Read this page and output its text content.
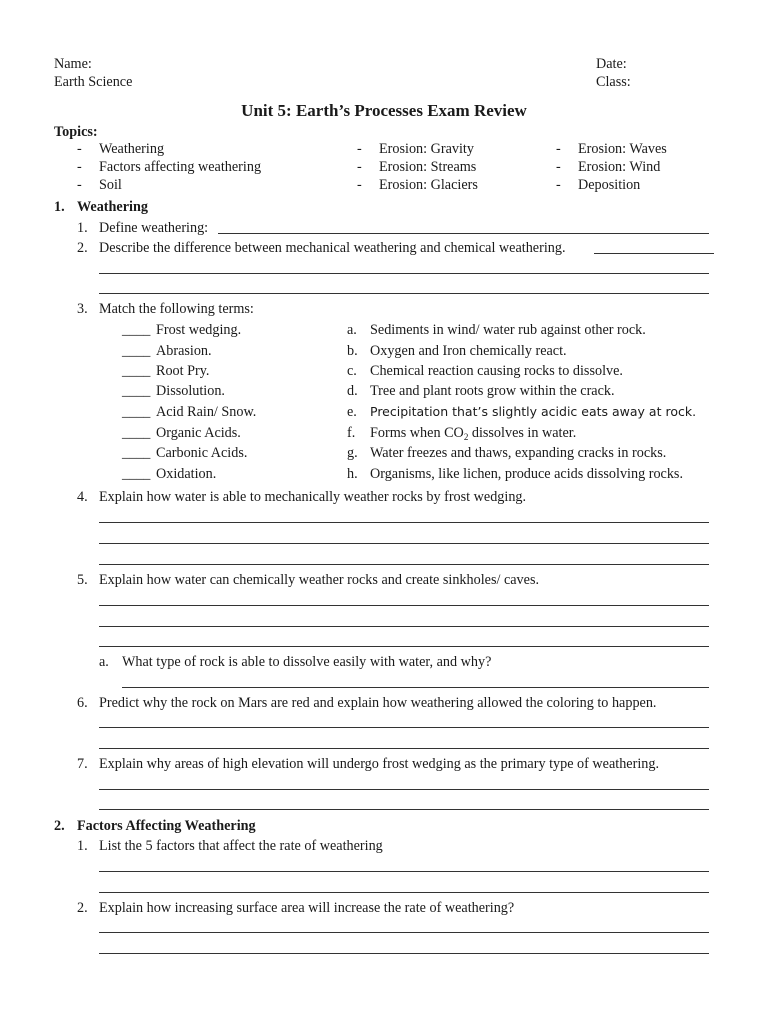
Name:
Earth Science
Date:
Class:
Unit 5: Earth’s Processes Exam Review
Topics:
- Weathering
- Factors affecting weathering
- Soil
- Erosion: Gravity
- Erosion: Streams
- Erosion: Glaciers
- Erosion: Waves
- Erosion: Wind
- Deposition
1. Weathering
1. Define weathering:
2. Describe the difference between mechanical weathering and chemical weathering.
3. Match the following terms:
____ Frost wedging.
____ Abrasion.
____ Root Pry.
____ Dissolution.
____ Acid Rain/ Snow.
____ Organic Acids.
____ Carbonic Acids.
____ Oxidation.
a. Sediments in wind/ water rub against other rock.
b. Oxygen and Iron chemically react.
c. Chemical reaction causing rocks to dissolve.
d. Tree and plant roots grow within the crack.
e. Precipitation that’s slightly acidic eats away at rock.
f. Forms when $CO_2$ dissolves in water.
g. Water freezes and thaws, expanding cracks in rocks.
h. Organisms, like lichen, produce acids dissolving rocks.
4. Explain how water is able to mechanically weather rocks by frost wedging.
5. Explain how water can chemically weather rocks and create sinkholes/ caves.
a. What type of rock is able to dissolve easily with water, and why?
6. Predict why the rock on Mars are red and explain how weathering allowed the coloring to happen.
7. Explain why areas of high elevation will undergo frost wedging as the primary type of weathering.
2. Factors Affecting Weathering
1. List the 5 factors that affect the rate of weathering
2. Explain how increasing surface area will increase the rate of weathering?
